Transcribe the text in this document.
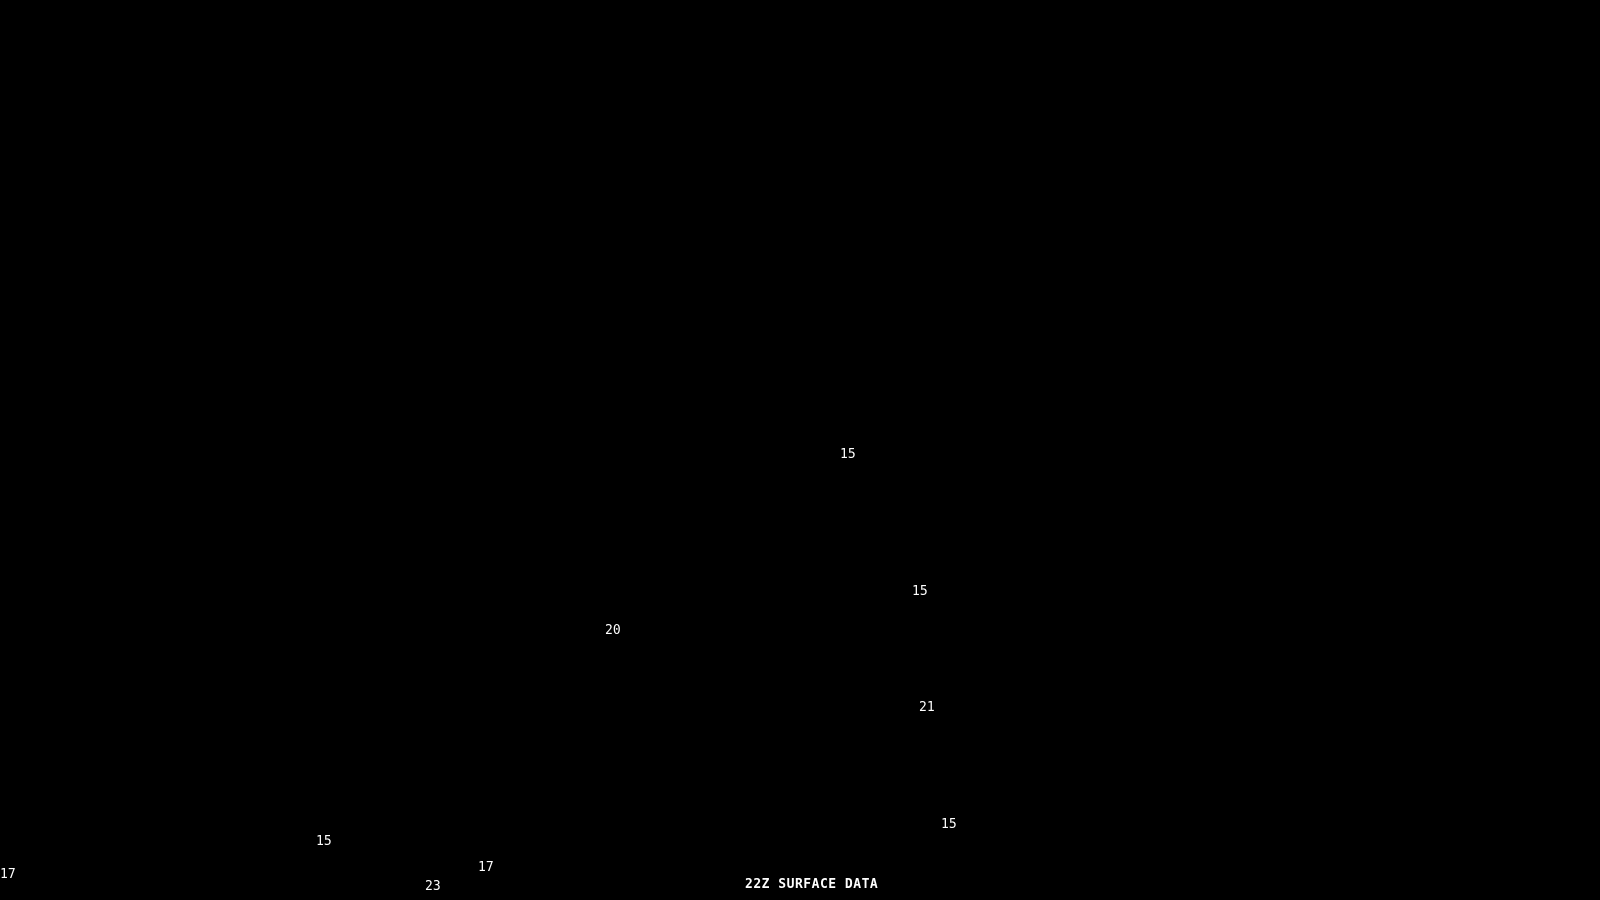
15
15
20
21
15
15
17
17
23	22Z SURFACE DATA
